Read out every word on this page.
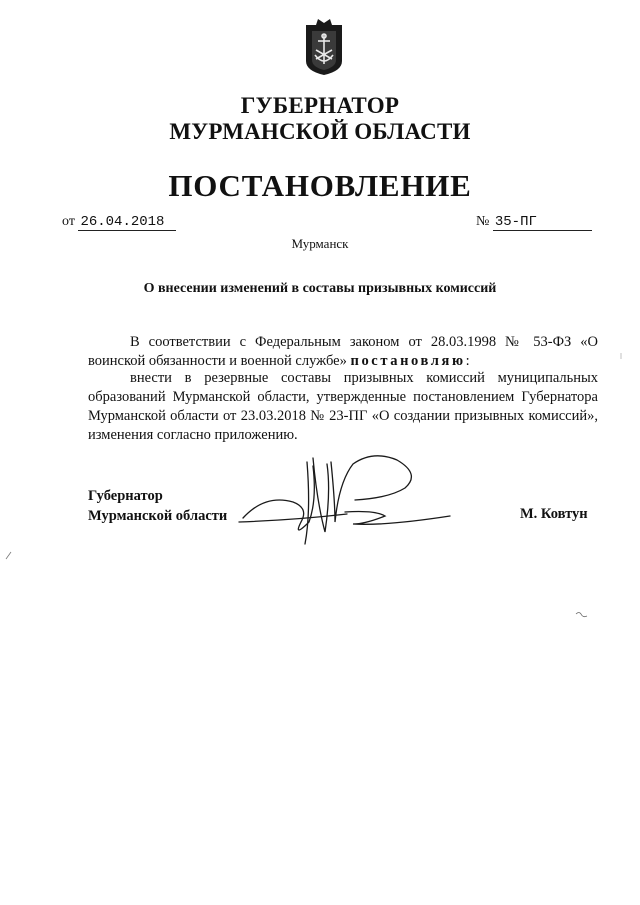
ГУБЕРНАТОР

МУРМАНСКОЙ ОБЛАСТИ

ПОСТАНОВЛЕНИЕ

от 26.04.2018	№ 35-ПГ
Мурманск
О внесении изменений в составы призывных комиссий

В соответствии с Федеральным законом от 28.03.1998 № 53-ФЗ «О воинской обязанности и военной службе» постановляю:

внести в резервные составы призывных комиссий муниципальных образований Мурманской области, утвержденные постановлением Губернатора Мурманской области от 23.03.2018 № 23-ПГ «О создании призывных комиссий», изменения согласно приложению.

Губернатор
Мурманской области	М. Ковтун
